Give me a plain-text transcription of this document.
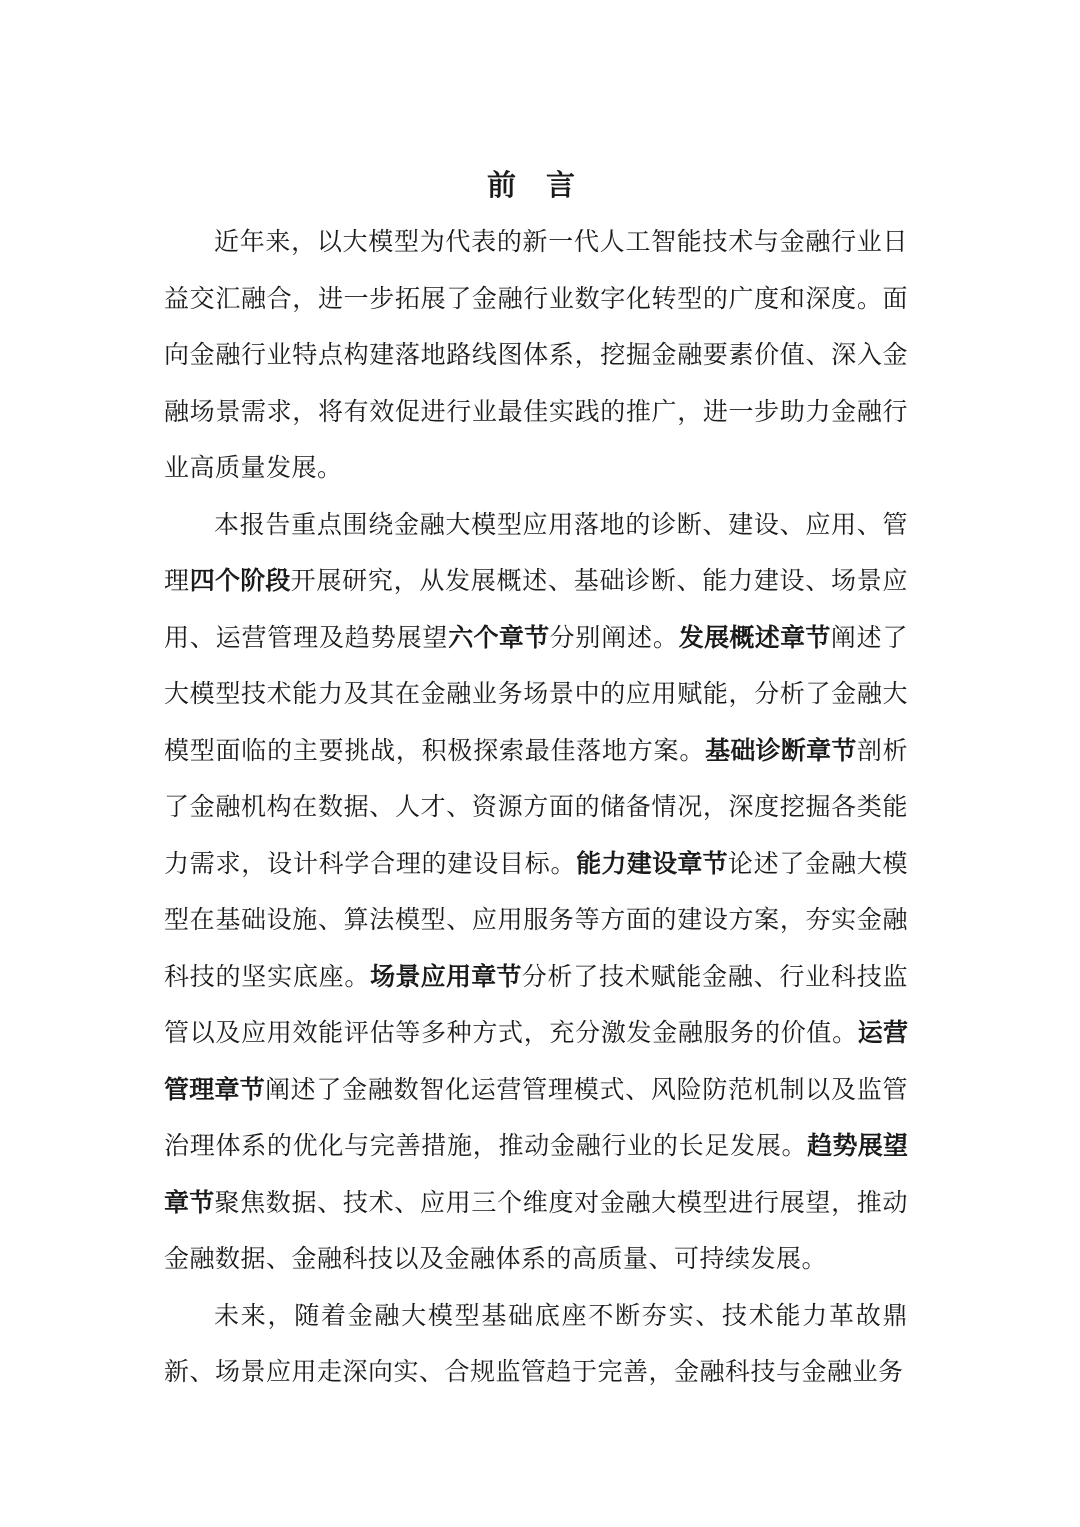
前 言

近年来，以大模型为代表的新一代人工智能技术与金融行业日益交汇融合，进一步拓展了金融行业数字化转型的广度和深度。面向金融行业特点构建落地路线图体系，挖掘金融要素价值、深入金融场景需求，将有效促进行业最佳实践的推广，进一步助力金融行业高质量发展。

本报告重点围绕金融大模型应用落地的诊断、建设、应用、管理四个阶段开展研究，从发展概述、基础诊断、能力建设、场景应用、运营管理及趋势展望六个章节分别阐述。发展概述章节阐述了大模型技术能力及其在金融业务场景中的应用赋能，分析了金融大模型面临的主要挑战，积极探索最佳落地方案。基础诊断章节剖析了金融机构在数据、人才、资源方面的储备情况，深度挖掘各类能力需求，设计科学合理的建设目标。能力建设章节论述了金融大模型在基础设施、算法模型、应用服务等方面的建设方案，夯实金融科技的坚实底座。场景应用章节分析了技术赋能金融、行业科技监管以及应用效能评估等多种方式，充分激发金融服务的价值。运营管理章节阐述了金融数智化运营管理模式、风险防范机制以及监管治理体系的优化与完善措施，推动金融行业的长足发展。趋势展望章节聚焦数据、技术、应用三个维度对金融大模型进行展望，推动金融数据、金融科技以及金融体系的高质量、可持续发展。

未来，随着金融大模型基础底座不断夯实、技术能力革故鼎新、场景应用走深向实、合规监管趋于完善，金融科技与金融业务
